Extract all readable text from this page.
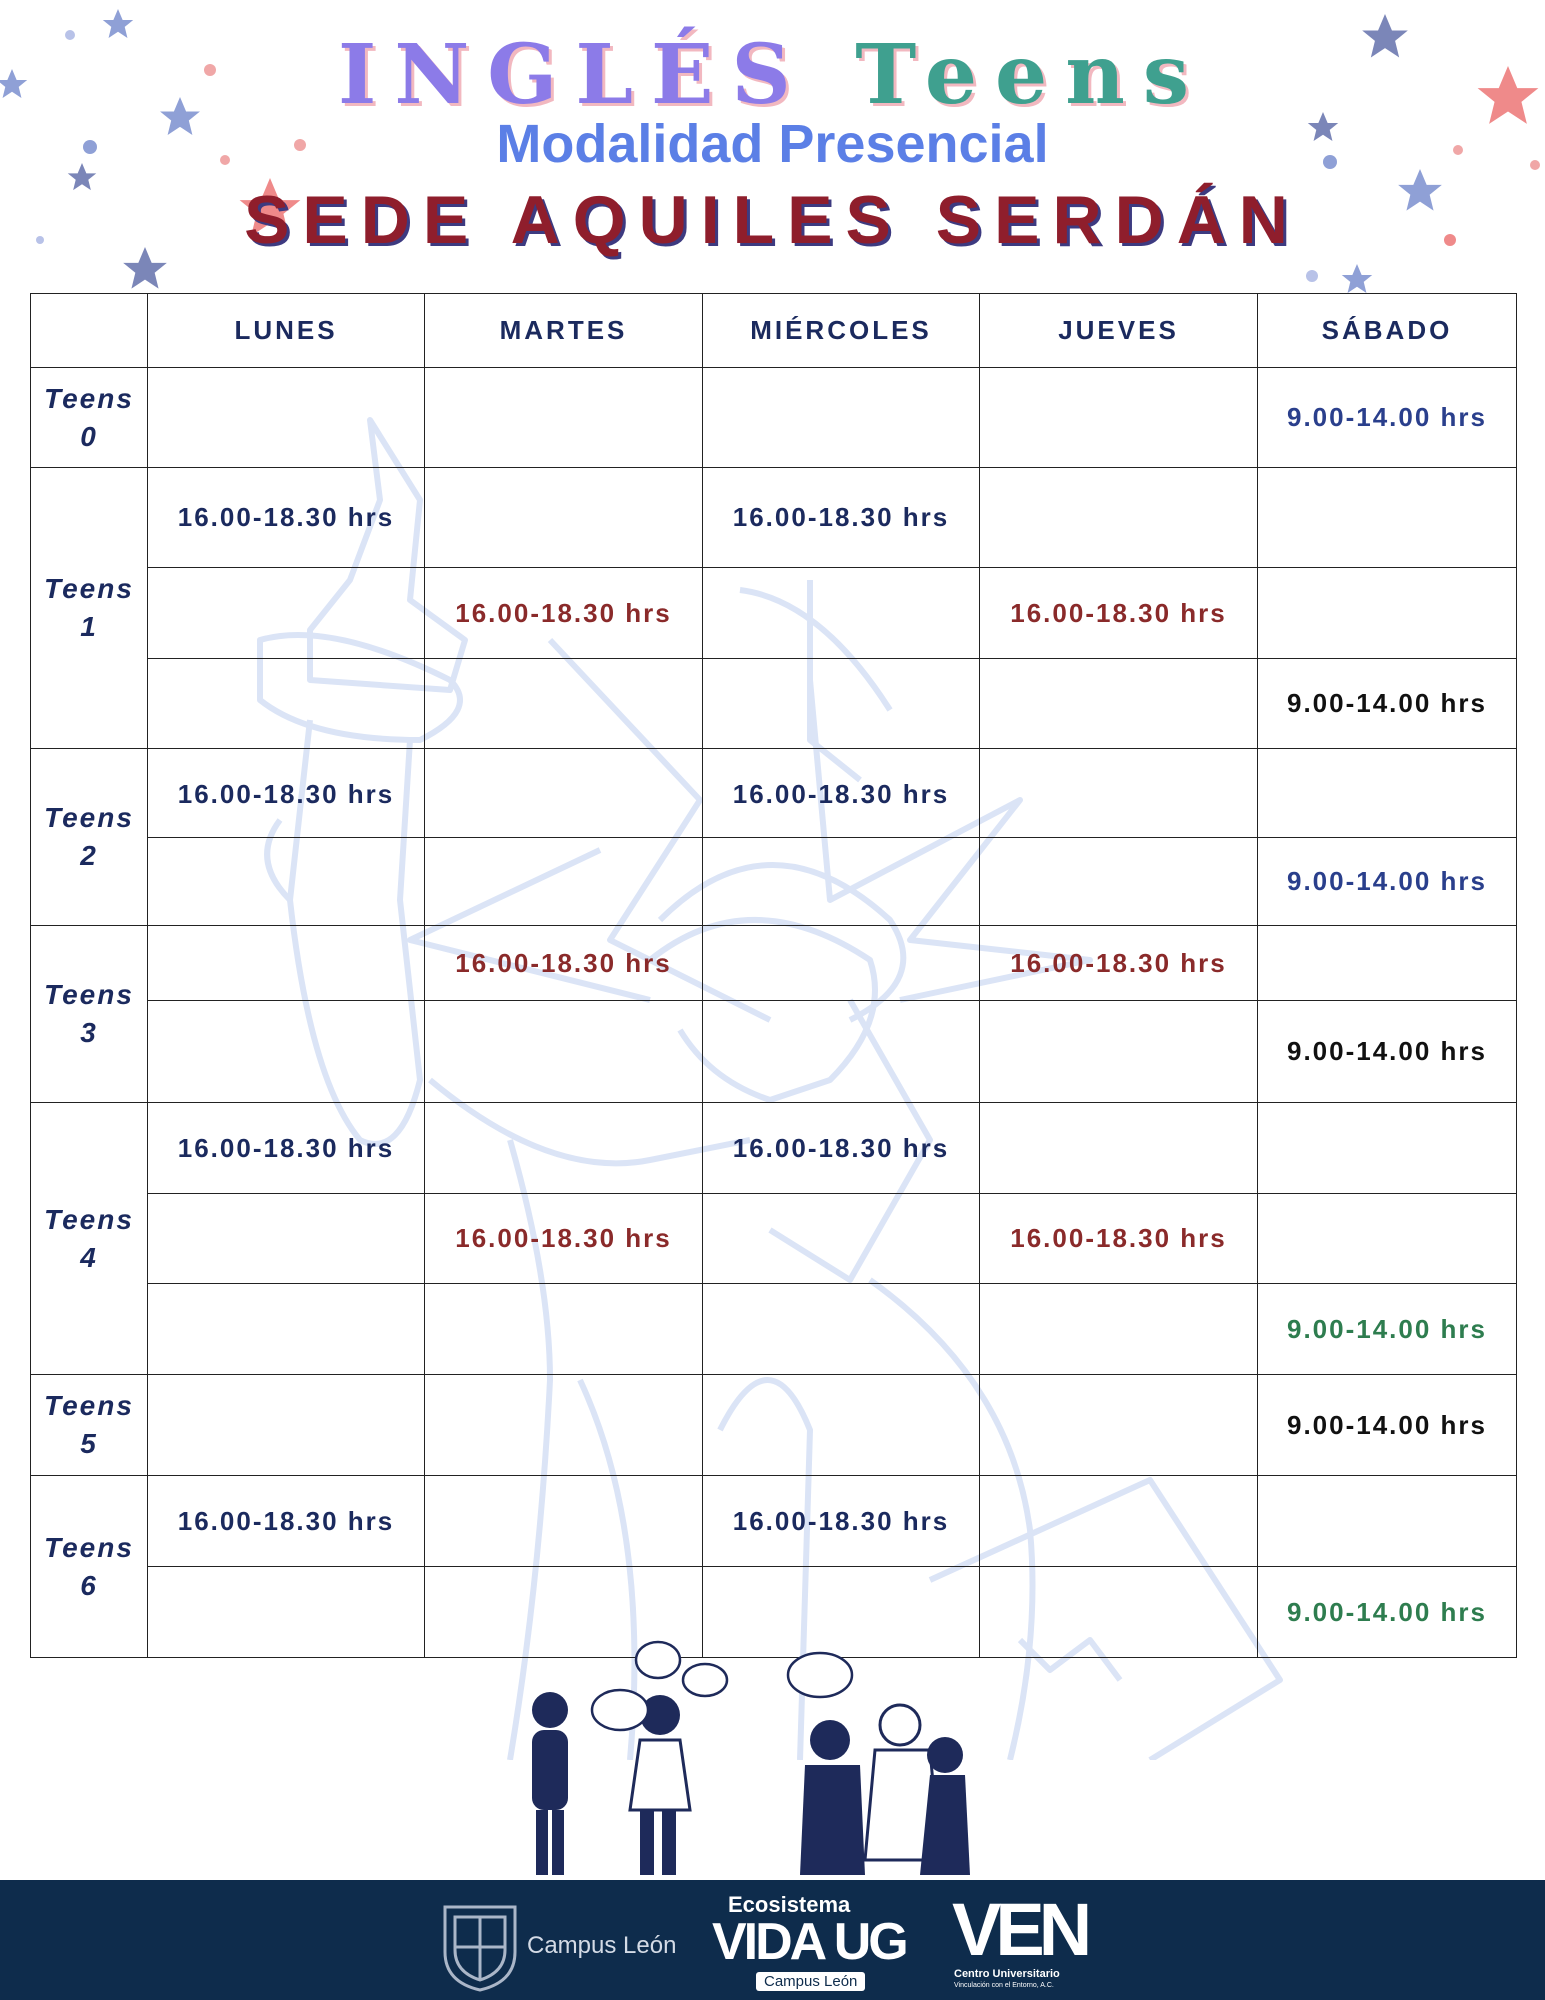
INGLÉS Teens
Modalidad Presencial
SEDE AQUILES SERDÁN
	LUNES	MARTES	MIÉRCOLES	JUEVES	SÁBADO
Teens
0					9.00-14.00 hrs
Teens
1	16.00-18.30 hrs		16.00-18.30 hrs		
		16.00-18.30 hrs		16.00-18.30 hrs	
					9.00-14.00 hrs
Teens
2	16.00-18.30 hrs		16.00-18.30 hrs		
					9.00-14.00 hrs
Teens
3		16.00-18.30 hrs		16.00-18.30 hrs	
					9.00-14.00 hrs
Teens
4	16.00-18.30 hrs		16.00-18.30 hrs		
		16.00-18.30 hrs		16.00-18.30 hrs	
					9.00-14.00 hrs
Teens
5					9.00-14.00 hrs
Teens
6	16.00-18.30 hrs		16.00-18.30 hrs		
					9.00-14.00 hrs
Campus León
Ecosistema
VIDA UG
Campus León
VEN
Centro Universitario
Vinculación con el Entorno, A.C.
